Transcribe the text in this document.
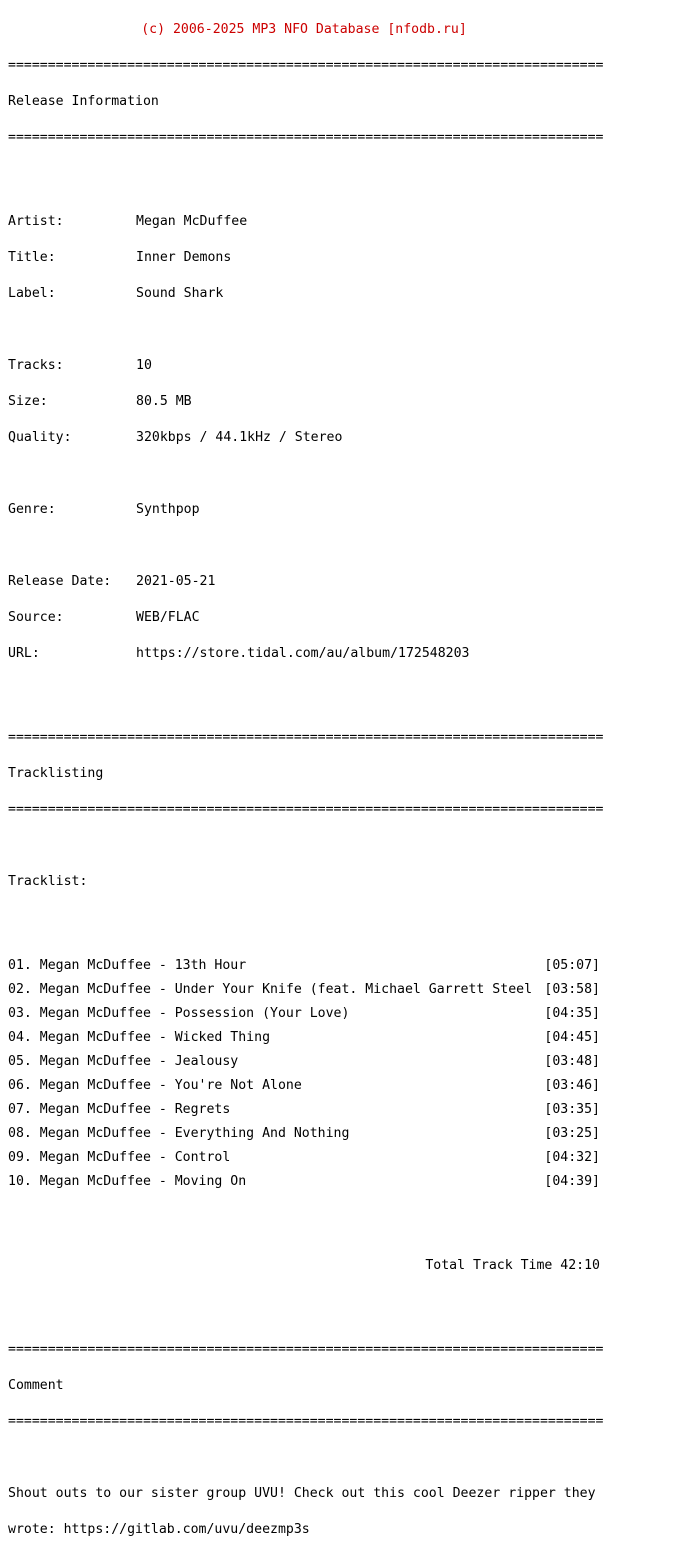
(c) 2006-2025 MP3 NFO Database [nfodb.ru]

===========================================================================

Release Information

===========================================================================

Artist:	Megan McDuffee

Title:	Inner Demons

Label:	Sound Shark

Tracks:	10

Size:	80.5 MB

Quality:	320kbps / 44.1kHz / Stereo

Genre:	Synthpop

Release Date: 2021-05-21

Source:	WEB/FLAC

URL:	https://store.tidal.com/au/album/172548203

===========================================================================

Tracklisting

===========================================================================

Tracklist:

01. Megan McDuffee - 13th Hour	[05:07]
02. Megan McDuffee - Under Your Knife (feat. Michael Garrett Steel [03:58]
03. Megan McDuffee - Possession (Your Love)	[04:35]
04. Megan McDuffee - Wicked Thing	[04:45]
05. Megan McDuffee - Jealousy	[03:48]
06. Megan McDuffee - You're Not Alone	[03:46]
07. Megan McDuffee - Regrets	[03:35]
08. Megan McDuffee - Everything And Nothing	[03:25]
09. Megan McDuffee - Control	[04:32]
10. Megan McDuffee - Moving On	[04:39]

Total Track Time 42:10

===========================================================================

Comment

===========================================================================

Shout outs to our sister group UVU! Check out this cool Deezer ripper they

wrote: https://gitlab.com/uvu/deezmp3s
